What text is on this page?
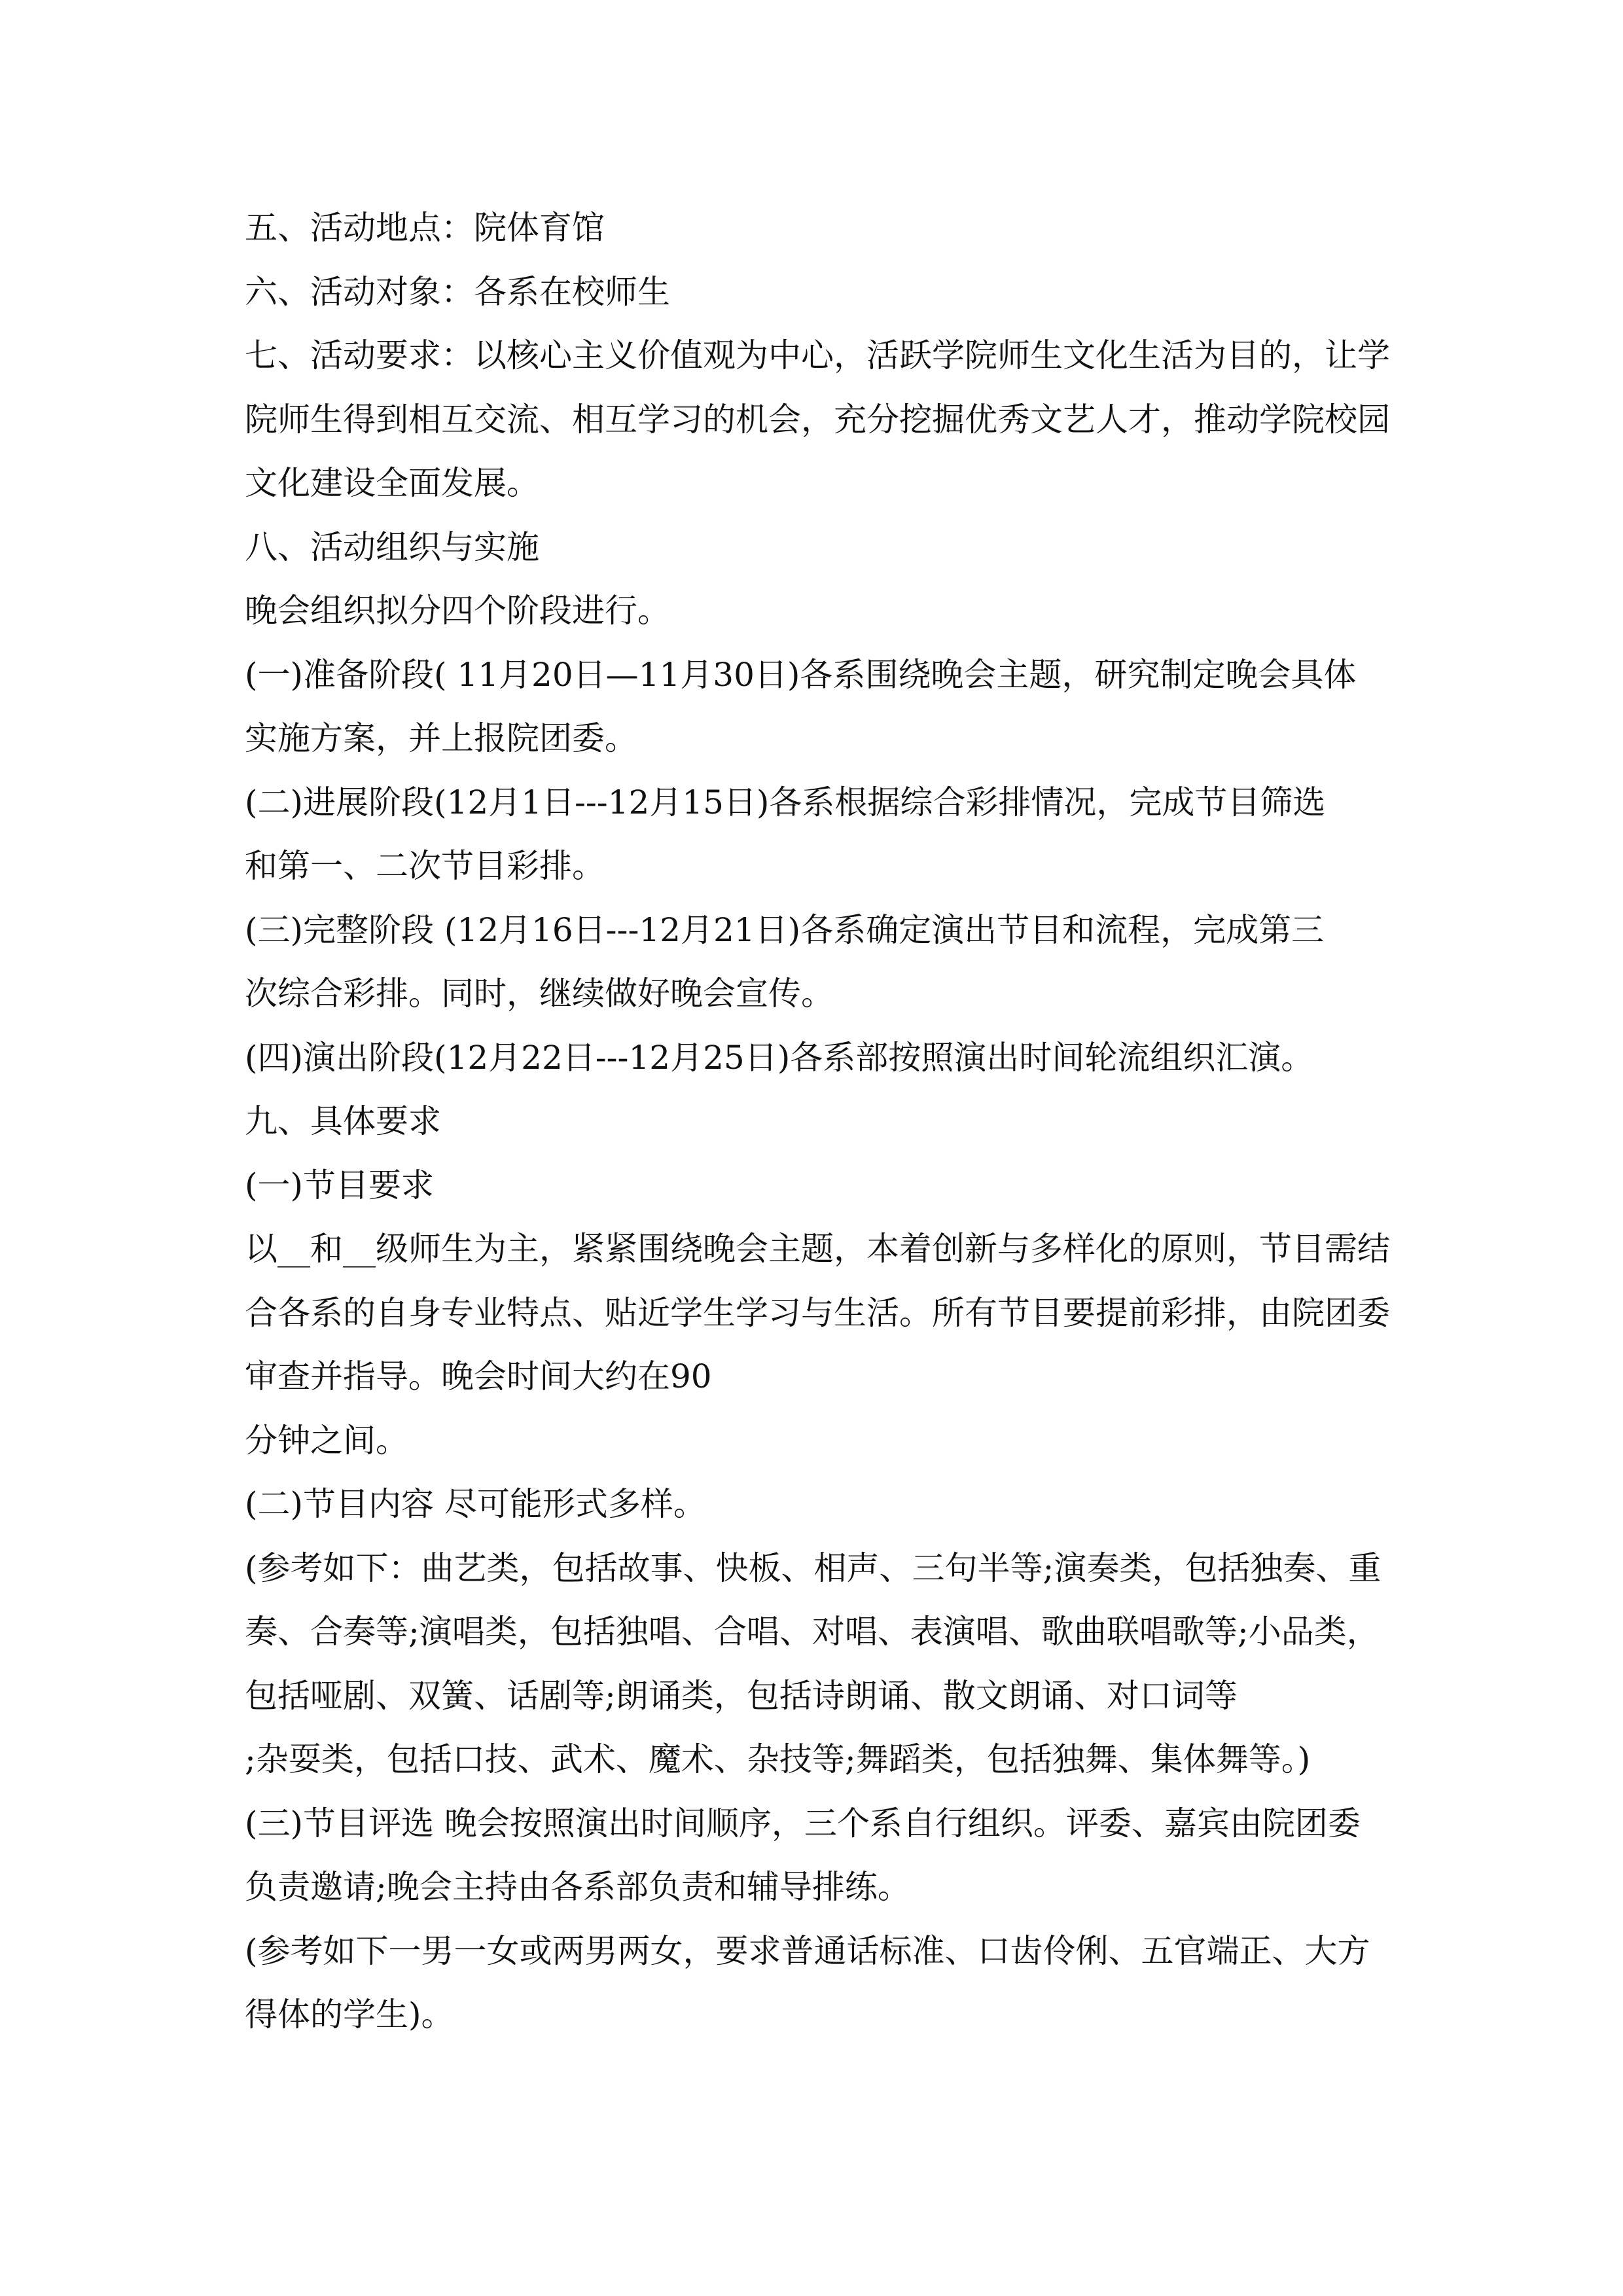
五、活动地点：院体育馆
六、活动对象：各系在校师生
七、活动要求：以核心主义价值观为中心，活跃学院师生文化生活为目的，让学
院师生得到相互交流、相互学习的机会，充分挖掘优秀文艺人才，推动学院校园
文化建设全面发展。
八、活动组织与实施
晚会组织拟分四个阶段进行。
(一)准备阶段( 11月20日—11月30日)各系围绕晚会主题，研究制定晚会具体
实施方案，并上报院团委。
(二)进展阶段(12月1日---12月15日)各系根据综合彩排情况，完成节目筛选
和第一、二次节目彩排。
(三)完整阶段 (12月16日---12月21日)各系确定演出节目和流程，完成第三
次综合彩排。同时，继续做好晚会宣传。
(四)演出阶段(12月22日---12月25日)各系部按照演出时间轮流组织汇演。
九、具体要求
(一)节目要求
以__和__级师生为主，紧紧围绕晚会主题，本着创新与多样化的原则，节目需结
合各系的自身专业特点、贴近学生学习与生活。所有节目要提前彩排，由院团委
审查并指导。晚会时间大约在90
分钟之间。
(二)节目内容 尽可能形式多样。
(参考如下：曲艺类，包括故事、快板、相声、三句半等;演奏类，包括独奏、重
奏、合奏等;演唱类，包括独唱、合唱、对唱、表演唱、歌曲联唱歌等;小品类，
包括哑剧、双簧、话剧等;朗诵类，包括诗朗诵、散文朗诵、对口词等
;杂耍类，包括口技、武术、魔术、杂技等;舞蹈类，包括独舞、集体舞等。)
(三)节目评选 晚会按照演出时间顺序，三个系自行组织。评委、嘉宾由院团委
负责邀请;晚会主持由各系部负责和辅导排练。
(参考如下一男一女或两男两女，要求普通话标准、口齿伶俐、五官端正、大方
得体的学生)。
